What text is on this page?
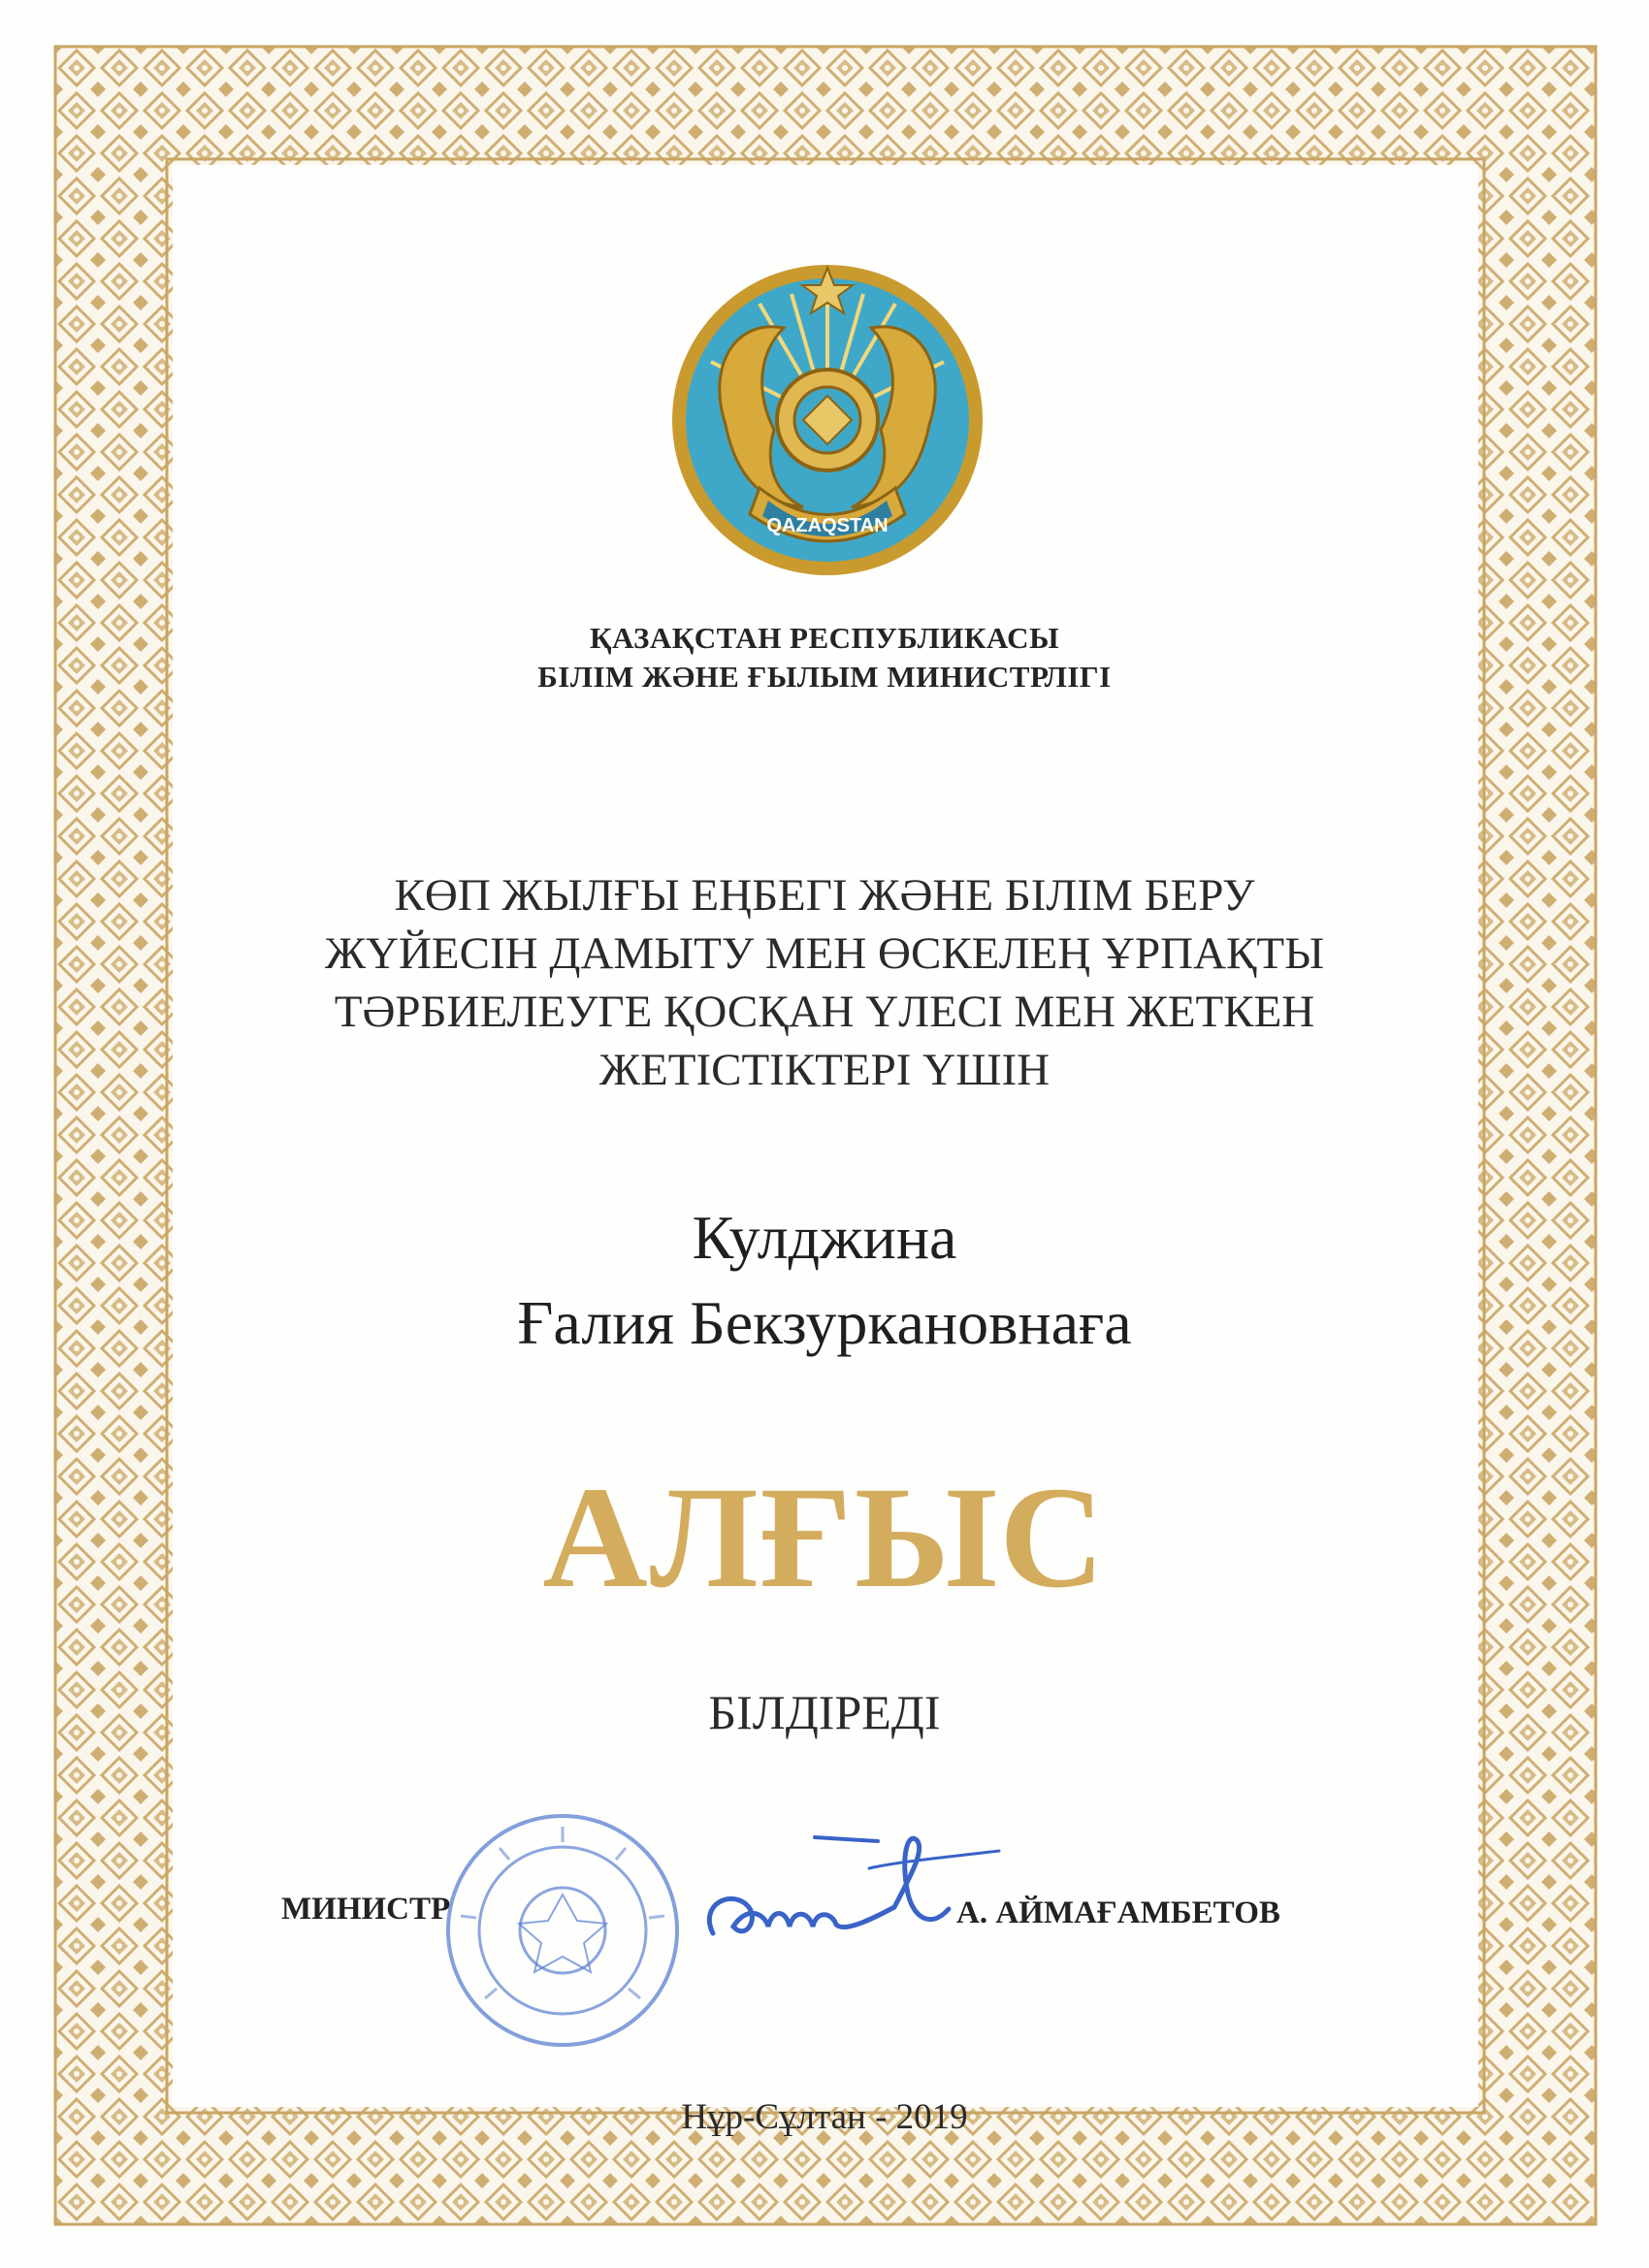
QAZAQSTAN
ҚАЗАҚСТАН РЕСПУБЛИКАСЫ
БІЛІМ ЖӘНЕ ҒЫЛЫМ МИНИСТРЛІГІ
КӨП ЖЫЛҒЫ ЕҢБЕГІ ЖӘНЕ БІЛІМ БЕРУ
ЖҮЙЕСІН ДАМЫТУ МЕН ӨСКЕЛЕҢ ҰРПАҚТЫ
ТӘРБИЕЛЕУГЕ ҚОСҚАН ҮЛЕСІ МЕН ЖЕТКЕН
ЖЕТІСТІКТЕРІ ҮШІН
Кулджина
Ғалия Бекзуркановнаға
АЛҒЫС
БІЛДІРЕДІ
МИНИСТР	А. АЙМАҒАМБЕТОВ
Нұр-Сұлтан - 2019
